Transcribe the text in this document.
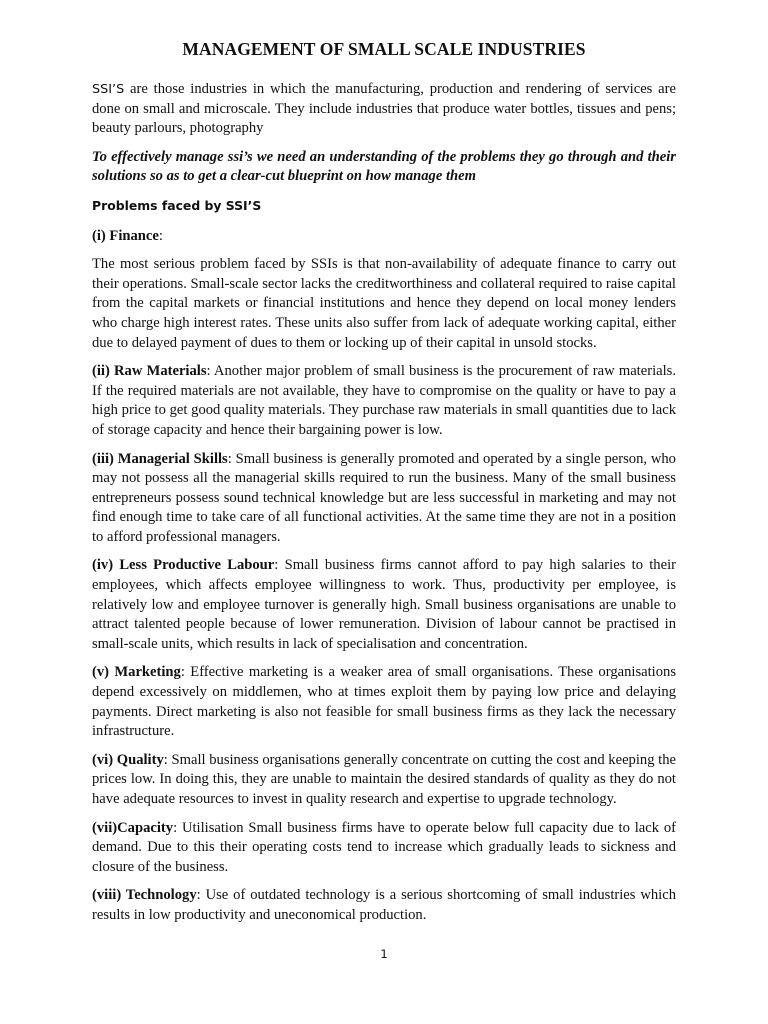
MANAGEMENT OF SMALL SCALE INDUSTRIES

SSI’S are those industries in which the manufacturing, production and rendering of services are done on small and microscale. They include industries that produce water bottles, tissues and pens; beauty parlours, photography

To effectively manage ssi’s we need an understanding of the problems they go through and their solutions so as to get a clear-cut blueprint on how manage them

Problems faced by SSI’S

(i) Finance:

The most serious problem faced by SSIs is that non-availability of adequate finance to carry out their operations. Small-scale sector lacks the creditworthiness and collateral required to raise capital from the capital markets or financial institutions and hence they depend on local money lenders who charge high interest rates. These units also suffer from lack of adequate working capital, either due to delayed payment of dues to them or locking up of their capital in unsold stocks.

(ii) Raw Materials: Another major problem of small business is the procurement of raw materials. If the required materials are not available, they have to compromise on the quality or have to pay a high price to get good quality materials. They purchase raw materials in small quantities due to lack of storage capacity and hence their bargaining power is low.

(iii) Managerial Skills: Small business is generally promoted and operated by a single person, who may not possess all the managerial skills required to run the business. Many of the small business entrepreneurs possess sound technical knowledge but are less successful in marketing and may not find enough time to take care of all functional activities. At the same time they are not in a position to afford professional managers.

(iv) Less Productive Labour: Small business firms cannot afford to pay high salaries to their employees, which affects employee willingness to work. Thus, productivity per employee, is relatively low and employee turnover is generally high. Small business organisations are unable to attract talented people because of lower remuneration. Division of labour cannot be practised in small-scale units, which results in lack of specialisation and concentration.

(v) Marketing: Effective marketing is a weaker area of small organisations. These organisations depend excessively on middlemen, who at times exploit them by paying low price and delaying payments. Direct marketing is also not feasible for small business firms as they lack the necessary infrastructure.

(vi) Quality: Small business organisations generally concentrate on cutting the cost and keeping the prices low. In doing this, they are unable to maintain the desired standards of quality as they do not have adequate resources to invest in quality research and expertise to upgrade technology.

(vii)Capacity: Utilisation Small business firms have to operate below full capacity due to lack of demand. Due to this their operating costs tend to increase which gradually leads to sickness and closure of the business.

(viii) Technology: Use of outdated technology is a serious shortcoming of small industries which results in low productivity and uneconomical production.

1
